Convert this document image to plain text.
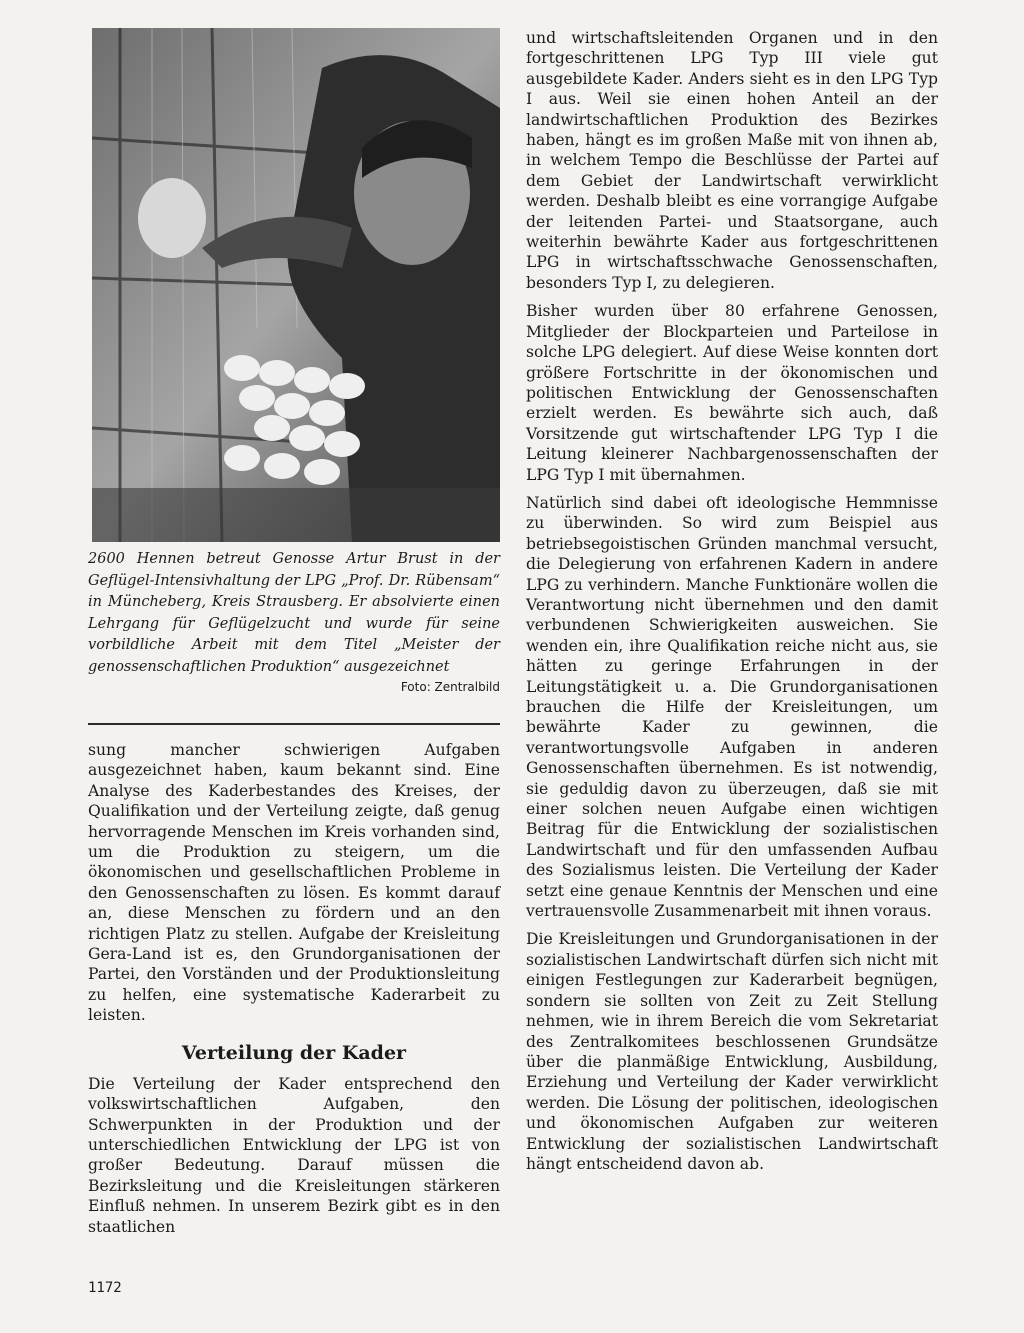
2600 Hennen betreut Genosse Artur Brust in der Geflügel-Intensivhaltung der LPG „Prof. Dr. Rübensam“ in Müncheberg, Kreis Strausberg. Er absolvierte einen Lehrgang für Geflügelzucht und wurde für seine vorbildliche Arbeit mit dem Titel „Meister der genossenschaftlichen Produktion“ ausgezeichnet

Foto: Zentralbild

sung mancher schwierigen Aufgaben ausgezeichnet haben, kaum bekannt sind. Eine Analyse des Kaderbestandes des Kreises, der Qualifikation und der Verteilung zeigte, daß genug hervorragende Menschen im Kreis vorhanden sind, um die Produktion zu steigern, um die ökonomischen und gesellschaftlichen Probleme in den Genossenschaften zu lösen. Es kommt darauf an, diese Menschen zu fördern und an den richtigen Platz zu stellen. Aufgabe der Kreisleitung Gera-Land ist es, den Grundorganisationen der Partei, den Vorständen und der Produktionsleitung zu helfen, eine systematische Kaderarbeit zu leisten.

Verteilung der Kader

Die Verteilung der Kader entsprechend den volkswirtschaftlichen Aufgaben, den Schwerpunkten in der Produktion und der unterschiedlichen Entwicklung der LPG ist von großer Bedeutung. Darauf müssen die Bezirksleitung und die Kreisleitungen stärkeren Einfluß nehmen. In unserem Bezirk gibt es in den staatlichen

und wirtschaftsleitenden Organen und in den fortgeschrittenen LPG Typ III viele gut ausgebildete Kader. Anders sieht es in den LPG Typ I aus. Weil sie einen hohen Anteil an der landwirtschaftlichen Produktion des Bezirkes haben, hängt es im großen Maße mit von ihnen ab, in welchem Tempo die Beschlüsse der Partei auf dem Gebiet der Landwirtschaft verwirklicht werden. Deshalb bleibt es eine vorrangige Aufgabe der leitenden Partei- und Staatsorgane, auch weiterhin bewährte Kader aus fortgeschrittenen LPG in wirtschaftsschwache Genossenschaften, besonders Typ I, zu delegieren.

Bisher wurden über 80 erfahrene Genossen, Mitglieder der Blockparteien und Parteilose in solche LPG delegiert. Auf diese Weise konnten dort größere Fortschritte in der ökonomischen und politischen Entwicklung der Genossenschaften erzielt werden. Es bewährte sich auch, daß Vorsitzende gut wirtschaftender LPG Typ I die Leitung kleinerer Nachbargenossenschaften der LPG Typ I mit übernahmen.

Natürlich sind dabei oft ideologische Hemmnisse zu überwinden. So wird zum Beispiel aus betriebsegoistischen Gründen manchmal versucht, die Delegierung von erfahrenen Kadern in andere LPG zu verhindern. Manche Funktionäre wollen die Verantwortung nicht übernehmen und den damit verbundenen Schwierigkeiten ausweichen. Sie wenden ein, ihre Qualifikation reiche nicht aus, sie hätten zu geringe Erfahrungen in der Leitungstätigkeit u. a. Die Grundorganisationen brauchen die Hilfe der Kreisleitungen, um bewährte Kader zu gewinnen, die verantwortungsvolle Aufgaben in anderen Genossenschaften übernehmen. Es ist notwendig, sie geduldig davon zu überzeugen, daß sie mit einer solchen neuen Aufgabe einen wichtigen Beitrag für die Entwicklung der sozialistischen Landwirtschaft und für den umfassenden Aufbau des Sozialismus leisten. Die Verteilung der Kader setzt eine genaue Kenntnis der Menschen und eine vertrauensvolle Zusammenarbeit mit ihnen voraus.

Die Kreisleitungen und Grundorganisationen in der sozialistischen Landwirtschaft dürfen sich nicht mit einigen Festlegungen zur Kaderarbeit begnügen, sondern sie sollten von Zeit zu Zeit Stellung nehmen, wie in ihrem Bereich die vom Sekretariat des Zentralkomitees beschlossenen Grundsätze über die planmäßige Entwicklung, Ausbildung, Erziehung und Verteilung der Kader verwirklicht werden. Die Lösung der politischen, ideologischen und ökonomischen Aufgaben zur weiteren Entwicklung der sozialistischen Landwirtschaft hängt entscheidend davon ab.

1172
